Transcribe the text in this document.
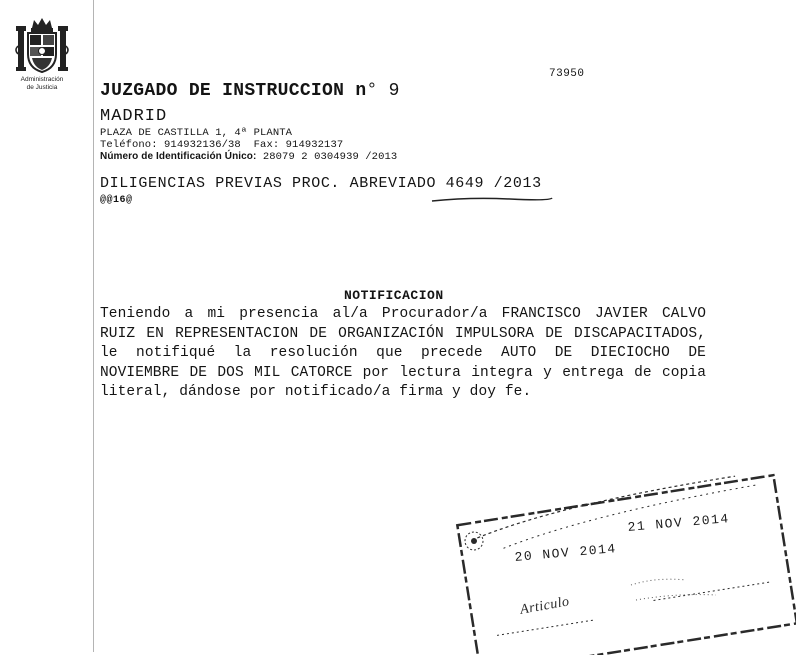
Administración
de Justicia
73950
JUZGADO DE INSTRUCCION n° 9
MADRID
PLAZA DE CASTILLA 1, 4ª PLANTA
Teléfono: 914932136/38 Fax: 914932137
Número de Identificación Único: 28079 2 0304939 /2013
DILIGENCIAS PREVIAS PROC. ABREVIADO 4649 /2013
@@16@
NOTIFICACION
Teniendo a mi presencia al/a Procurador/a FRANCISCO JAVIER CALVO RUIZ EN REPRESENTACION DE ORGANIZACIÓN IMPULSORA DE DISCAPACITADOS, le notifiqué la resolución que precede AUTO DE DIECIOCHO DE NOVIEMBRE DE DOS MIL CATORCE por lectura integra y entrega de copia literal, dándose por notificado/a firma y doy fe.
20 NOV 2014
21 NOV 2014
Articulo
